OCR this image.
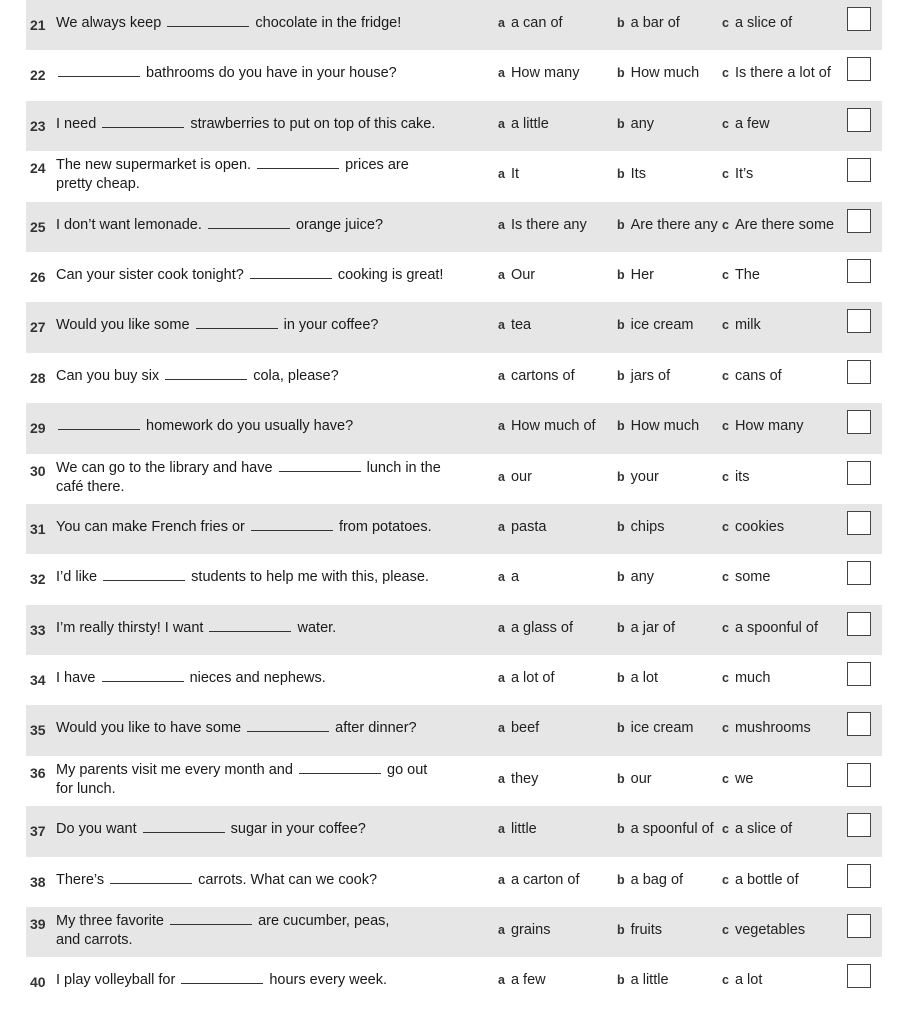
21 We always keep	chocolate in the fridge!	a a can of	b a bar of	c a slice of
22	bathrooms do you have in your house?	a How many	b How much c Is there a lot of
23 I need	strawberries to put on top of this cake.	a a little	b any	c a few
24 The new supermarket is open.	prices are
pretty cheap.
a It	b Its	c It’s
25 I don’t want lemonade.	orange juice?	a Is there any b Are there any c Are there some
26 Can your sister cook tonight?	cooking is great!	a Our	b Her	c The
27 Would you like some	in your coffee?	a tea	b ice cream c milk
28 Can you buy six	cola, please?	a cartons of	b jars of	c cans of
29	homework do you usually have?	a How much of b How much c How many
30 We can go to the library and have	lunch in the
café there.
a our	b your	c its
31 You can make French fries or	from potatoes.	a pasta	b chips	c cookies
32 I’d like	students to help me with this, please.	a a	b any	c some
33 I’m really thirsty! I want	water.	a a glass of	b a jar of	c a spoonful of
34 I have	nieces and nephews.	a a lot of	b a lot	c much
35 Would you like to have some	after dinner?	a beef	b ice cream c mushrooms
36 My parents visit me every month and	go out
for lunch.
a they	b our	c we
37 Do you want	sugar in your coffee?	a little	b a spoonful of c a slice of
38 There’s	carrots. What can we cook?	a a carton of	b a bag of	c a bottle of
39 My three favorite	are cucumber, peas,
and carrots.
a grains	b fruits	c vegetables
40 I play volleyball for	hours every week.	a a few	b a little	c a lot
